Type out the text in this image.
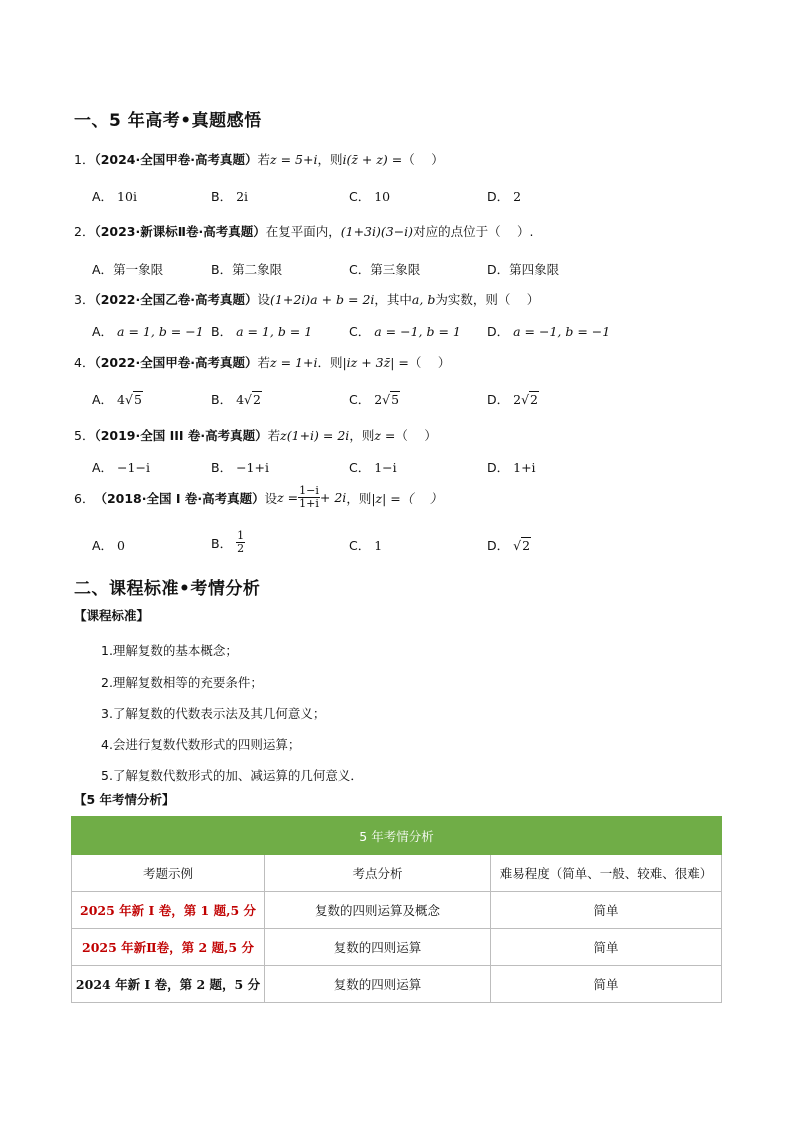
一、5 年高考•真题感悟
1．（2024·全国甲卷·高考真题）若z = 5+i，则i(z̄ + z) =（　 ）
A． 10i	B． 2i	C． 10	D． 2
2．（2023·新课标Ⅱ卷·高考真题）在复平面内，(1+3i)(3−i)对应的点位于（　 ）.
A．第一象限	B．第二象限	C．第三象限	D．第四象限
3．（2022·全国乙卷·高考真题）设(1+2i)a + b = 2i，其中a, b为实数，则（　 ）
A． a = 1, b = −1 B． a = 1, b = 1	C． a = −1, b = 1 D． a = −1, b = −1
4．（2022·全国甲卷·高考真题）若z = 1+i．则|iz + 3z̄| =（　 ）
A． 4√5	B． 4√2	C． 2√5	D． 2√2
5．（2019·全国 III 卷·高考真题）若z(1+i) = 2i，则z =（　 ）
A． −1−i	B． −1+i	C． 1−i	D． 1+i
6． （2018·全国 I 卷·高考真题） 设 $z = \frac{1-i}{1+i} + 2i$ ，则 |z| =（　 ）
A． 0	B．
$\frac{1}{2}$	C． 1	D． √2
二、课程标准•考情分析
【课程标准】
1.理解复数的基本概念；
2.理解复数相等的充要条件；
3.了解复数的代数表示法及其几何意义；
4.会进行复数代数形式的四则运算；
5.了解复数代数形式的加、减运算的几何意义．
【5 年考情分析】
5 年考情分析		
考题示例	考点分析	难易程度（简单、一般、较难、很难）
2025 年新 I 卷，第 1 题,5 分	复数的四则运算及概念	简单
2025 年新Ⅱ卷，第 2 题,5 分	复数的四则运算	简单
2024 年新 I 卷，第 2 题，5 分	复数的四则运算	简单
